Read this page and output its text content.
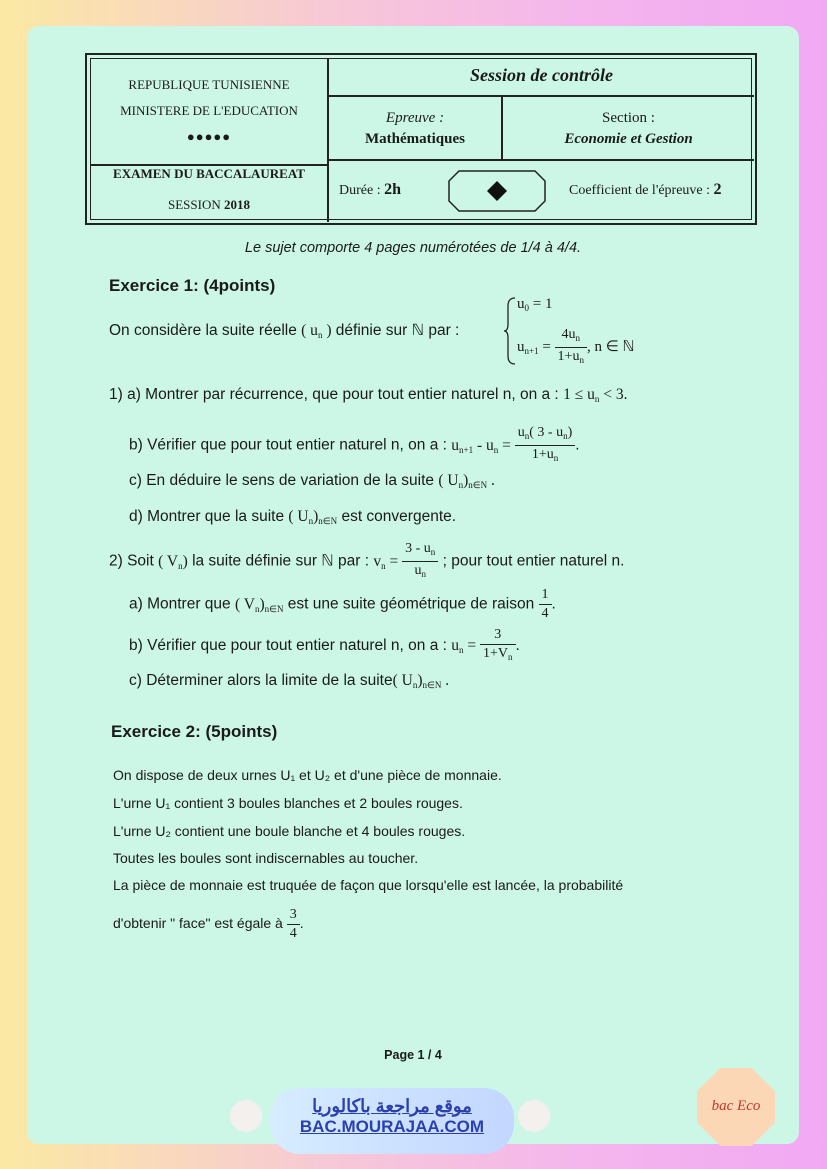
REPUBLIQUE TUNISIENNE
MINISTERE DE L'EDUCATION
●●●●●
EXAMEN DU BACCALAUREAT
SESSION 2018
Session de contrôle
Epreuve :
Mathématiques
Section :
Economie et Gestion
Durée : 2h	Coefficient de l'épreuve : 2
Le sujet comporte 4 pages numérotées de 1/4 à 4/4.
Exercice 1: (4points)
On considère la suite réelle ( $u_n$ ) définie sur ℕ par :
$u_0 = 1$
$u_{n+1} = \frac{4u_n}{1+u_n}$ , n ∈ ℕ
1) a) Montrer par récurrence, que pour tout entier naturel n, on a : $1 \le u_n < 3$.
b) Vérifier que pour tout entier naturel n, on a : $u_{n+1} - u_n = \frac{u_n( 3 - u_n)}{1+u_n}$ .
c) En déduire le sens de variation de la suite ( $U_n)_{n\in N}$ .
d) Montrer que la suite ( $U_n)_{n\in N}$ est convergente.
2) Soit ( $V_n$) la suite définie sur ℕ par : $v_n = \frac{3 - u_n}{u_n}$ ; pour tout entier naturel n.
a) Montrer que ( $V_n)_{n\in N}$ est une suite géométrique de raison $\frac{1}{4}$ .
b) Vérifier que pour tout entier naturel n, on a : $u_n = \frac{3}{1+V_n}$ .
c) Déterminer alors la limite de la suite( $U_n)_{n\in N}$ .
Exercice 2: (5points)
On dispose de deux urnes U₁ et U₂ et d'une pièce de monnaie.
L'urne U₁ contient 3 boules blanches et 2 boules rouges.
L'urne U₂ contient une boule blanche et 4 boules rouges.
Toutes les boules sont indiscernables au toucher.
La pièce de monnaie est truquée de façon que lorsqu'elle est lancée, la probabilité
d'obtenir " face" est égale à $\frac{3}{4}$ .
Page 1 / 4
موقع مراجعة باكالوريا
BAC.MOURAJAA.COM
bac Eco
